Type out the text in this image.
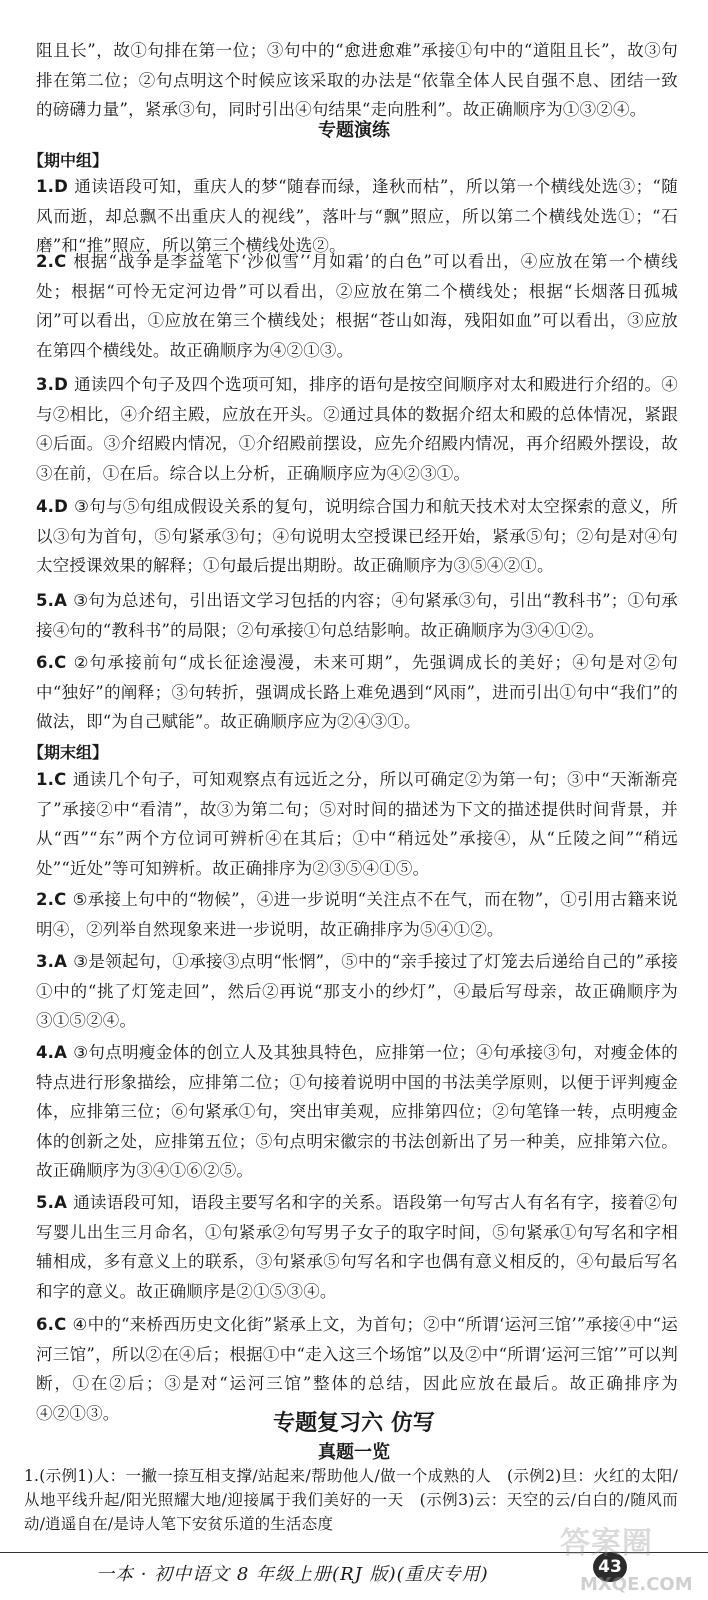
阻且长”，故①句排在第一位；③句中的“愈进愈难”承接①句中的“道阻且长”，故③句排在第二位；②句点明这个时候应该采取的办法是“依靠全体人民自强不息、团结一致的磅礴力量”，紧承③句，同时引出④句结果“走向胜利”。故正确顺序为①③②④。
专题演练
【期中组】
1.D 通读语段可知，重庆人的梦“随春而绿，逢秋而枯”，所以第一个横线处选③；“随风而逝，却总飘不出重庆人的视线”，落叶与“飘”照应，所以第二个横线处选①；“石磨”和“推”照应，所以第三个横线处选②。
2.C 根据“战争是李益笔下‘沙似雪’‘月如霜’的白色”可以看出，④应放在第一个横线处；根据“可怜无定河边骨”可以看出，②应放在第二个横线处；根据“长烟落日孤城闭”可以看出，①应放在第三个横线处；根据“苍山如海，残阳如血”可以看出，③应放在第四个横线处。故正确顺序为④②①③。
3.D 通读四个句子及四个选项可知，排序的语句是按空间顺序对太和殿进行介绍的。④与②相比，④介绍主殿，应放在开头。②通过具体的数据介绍太和殿的总体情况，紧跟④后面。③介绍殿内情况，①介绍殿前摆设，应先介绍殿内情况，再介绍殿外摆设，故③在前，①在后。综合以上分析，正确顺序应为④②③①。
4.D ③句与⑤句组成假设关系的复句，说明综合国力和航天技术对太空探索的意义，所以③句为首句，⑤句紧承③句；④句说明太空授课已经开始，紧承⑤句；②句是对④句太空授课效果的解释；①句最后提出期盼。故正确顺序为③⑤④②①。
5.A ③句为总述句，引出语文学习包括的内容；④句紧承③句，引出“教科书”；①句承接④句的“教科书”的局限；②句承接①句总结影响。故正确顺序为③④①②。
6.C ②句承接前句“成长征途漫漫，未来可期”，先强调成长的美好；④句是对②句中“独好”的阐释；③句转折，强调成长路上难免遇到“风雨”，进而引出①句中“我们”的做法，即“为自己赋能”。故正确顺序应为②④③①。
【期末组】
1.C 通读几个句子，可知观察点有远近之分，所以可确定②为第一句；③中“天渐渐亮了”承接②中“看清”，故③为第二句；⑤对时间的描述为下文的描述提供时间背景，并从“西”“东”两个方位词可辨析④在其后；①中“稍远处”承接④，从“丘陵之间”“稍远处”“近处”等可知辨析。故正确排序为②③⑤④①⑤。
2.C ⑤承接上句中的“物候”，④进一步说明“关注点不在气，而在物”，①引用古籍来说明④，②列举自然现象来进一步说明，故正确排序为⑤④①②。
3.A ③是领起句，①承接③点明“怅惘”，⑤中的“亲手接过了灯笼去后递给自己的”承接①中的“挑了灯笼走回”，然后②再说“那支小的纱灯”，④最后写母亲，故正确顺序为③①⑤②④。
4.A ③句点明瘦金体的创立人及其独具特色，应排第一位；④句承接③句，对瘦金体的特点进行形象描绘，应排第二位；①句接着说明中国的书法美学原则，以便于评判瘦金体，应排第三位；⑥句紧承①句，突出审美观，应排第四位；②句笔锋一转，点明瘦金体的创新之处，应排第五位；⑤句点明宋徽宗的书法创新出了另一种美，应排第六位。故正确顺序为③④①⑥②⑤。
5.A 通读语段可知，语段主要写名和字的关系。语段第一句写古人有名有字，接着②句写婴儿出生三月命名，①句紧承②句写男子女子的取字时间，⑤句紧承①句写名和字相辅相成，多有意义上的联系，③句紧承⑤句写名和字也偶有意义相反的，④句最后写名和字的意义。故正确顺序是②①⑤③④。
6.C ④中的“来桥西历史文化街”紧承上文，为首句；②中“所谓‘运河三馆’”承接④中“运河三馆”，所以②在④后；根据①中“走入这三个场馆”以及②中“所谓‘运河三馆’”可以判断，①在②后；③是对“运河三馆”整体的总结，因此应放在最后。故正确排序为④②①③。	专题复习六 仿写
真题一览
1.(示例1)人：一撇一捺互相支撑/站起来/帮助他人/做一个成熟的人　(示例2)旦：火红的太阳/从地平线升起/阳光照耀大地/迎接属于我们美好的一天　(示例3)云：天空的云/白白的/随风而动/逍遥自在/是诗人笔下安贫乐道的生活态度
一本 · 初中语文 8 年级上册(RJ 版)(重庆专用)	43
答案圈
MXQE.COM
